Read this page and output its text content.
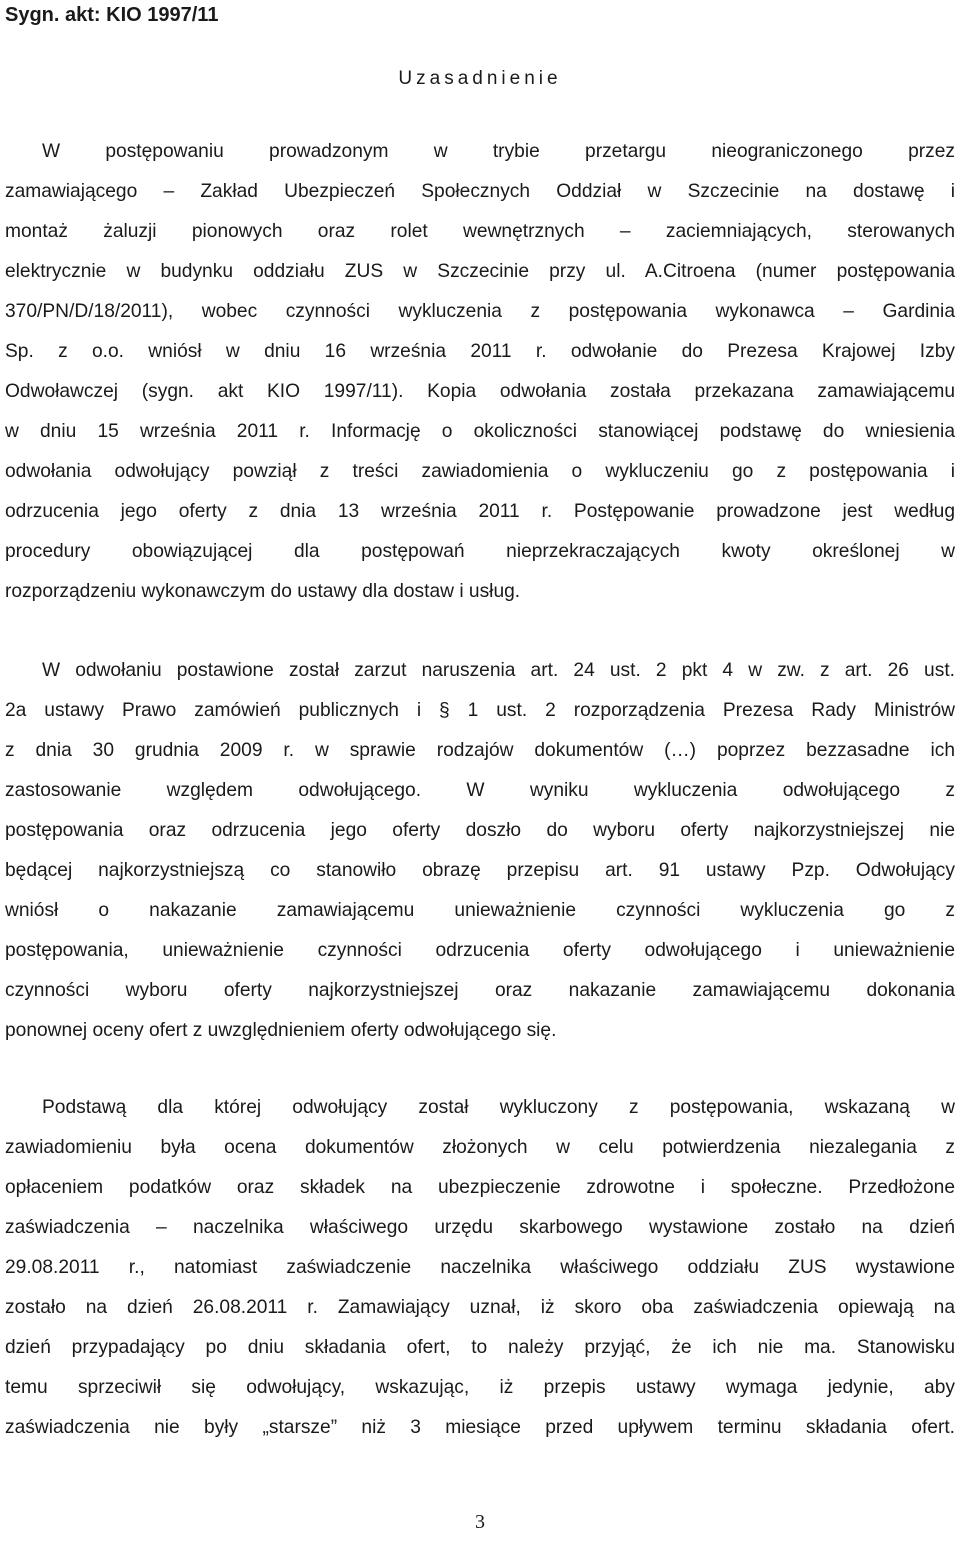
Sygn. akt: KIO 1997/11
Uzasadnienie
W postępowaniu prowadzonym w trybie przetargu nieograniczonego przez
zamawiającego – Zakład Ubezpieczeń Społecznych Oddział w Szczecinie na dostawę i
montaż żaluzji pionowych oraz rolet wewnętrznych – zaciemniających, sterowanych
elektrycznie w budynku oddziału ZUS w Szczecinie przy ul. A.Citroena (numer postępowania
370/PN/D/18/2011), wobec czynności wykluczenia z postępowania wykonawca – Gardinia
Sp. z o.o. wniósł w dniu 16 września 2011 r. odwołanie do Prezesa Krajowej Izby
Odwoławczej (sygn. akt KIO 1997/11). Kopia odwołania została przekazana zamawiającemu
w dniu 15 września 2011 r. Informację o okoliczności stanowiącej podstawę do wniesienia
odwołania odwołujący powziął z treści zawiadomienia o wykluczeniu go z postępowania i
odrzucenia jego oferty z dnia 13 września 2011 r. Postępowanie prowadzone jest według
procedury obowiązującej dla postępowań nieprzekraczających kwoty określonej w
rozporządzeniu wykonawczym do ustawy dla dostaw i usług.
W odwołaniu postawione został zarzut naruszenia art. 24 ust. 2 pkt 4 w zw. z art. 26 ust.
2a ustawy Prawo zamówień publicznych i § 1 ust. 2 rozporządzenia Prezesa Rady Ministrów
z dnia 30 grudnia 2009 r. w sprawie rodzajów dokumentów (…) poprzez bezzasadne ich
zastosowanie względem odwołującego. W wyniku wykluczenia odwołującego z
postępowania oraz odrzucenia jego oferty doszło do wyboru oferty najkorzystniejszej nie
będącej najkorzystniejszą co stanowiło obrazę przepisu art. 91 ustawy Pzp. Odwołujący
wniósł o nakazanie zamawiającemu unieważnienie czynności wykluczenia go z
postępowania, unieważnienie czynności odrzucenia oferty odwołującego i unieważnienie
czynności wyboru oferty najkorzystniejszej oraz nakazanie zamawiającemu dokonania
ponownej oceny ofert z uwzględnieniem oferty odwołującego się.
Podstawą dla której odwołujący został wykluczony z postępowania, wskazaną w
zawiadomieniu była ocena dokumentów złożonych w celu potwierdzenia niezalegania z
opłaceniem podatków oraz składek na ubezpieczenie zdrowotne i społeczne. Przedłożone
zaświadczenia – naczelnika właściwego urzędu skarbowego wystawione zostało na dzień
29.08.2011 r., natomiast zaświadczenie naczelnika właściwego oddziału ZUS wystawione
zostało na dzień 26.08.2011 r. Zamawiający uznał, iż skoro oba zaświadczenia opiewają na
dzień przypadający po dniu składania ofert, to należy przyjąć, że ich nie ma. Stanowisku
temu sprzeciwił się odwołujący, wskazując, iż przepis ustawy wymaga jedynie, aby
zaświadczenia nie były „starsze” niż 3 miesiące przed upływem terminu składania ofert.
3
